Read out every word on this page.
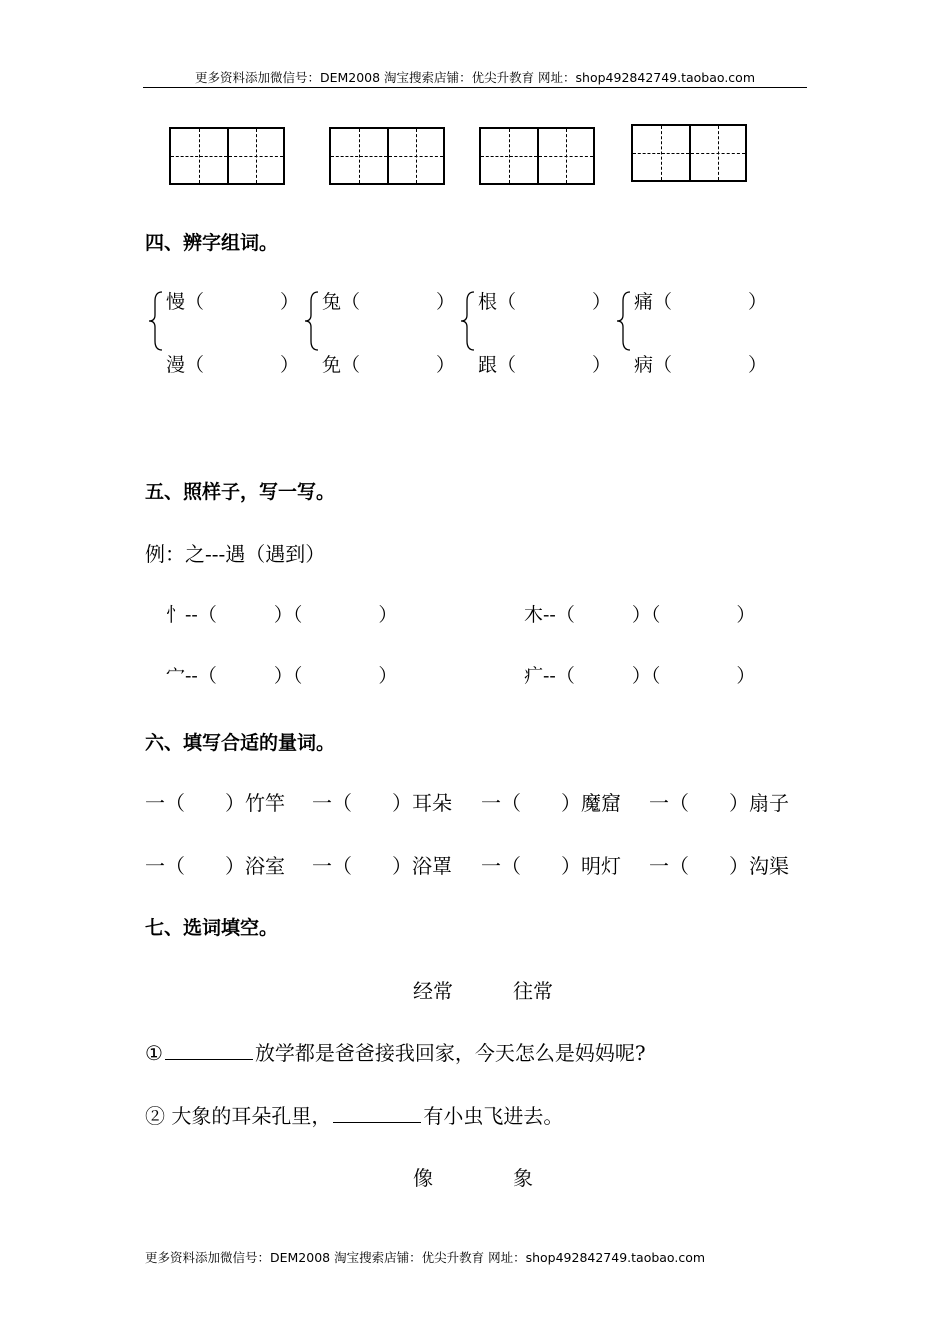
更多资料添加微信号：DEM2008 淘宝搜索店铺：优尖升教育 网址：shop492842749.taobao.com
四、辨字组词。
慢（　　　　）
漫（　　　　）
兔（　　　　）
免（　　　　）
根（　　　　）
跟（　　　　）
痛（　　　　）
病（　　　　）
五、照样子，写一写。
例：之---遇（遇到）
忄--（　　　）（　　　　）	木--（　　　）（　　　　）
宀--（　　　）（　　　　）	疒--（　　　）（　　　　）
六、填写合适的量词。
一（　　）竹竿 一（　　）耳朵 一（　　）魔窟 一（　　）扇子
一（　　）浴室 一（　　）浴罩 一（　　）明灯 一（　　）沟渠
七、选词填空。
经常	往常
①	放学都是爸爸接我回家，今天怎么是妈妈呢?
② 大象的耳朵孔里，	有小虫飞进去。
像	象
更多资料添加微信号：DEM2008 淘宝搜索店铺：优尖升教育 网址：shop492842749.taobao.com
